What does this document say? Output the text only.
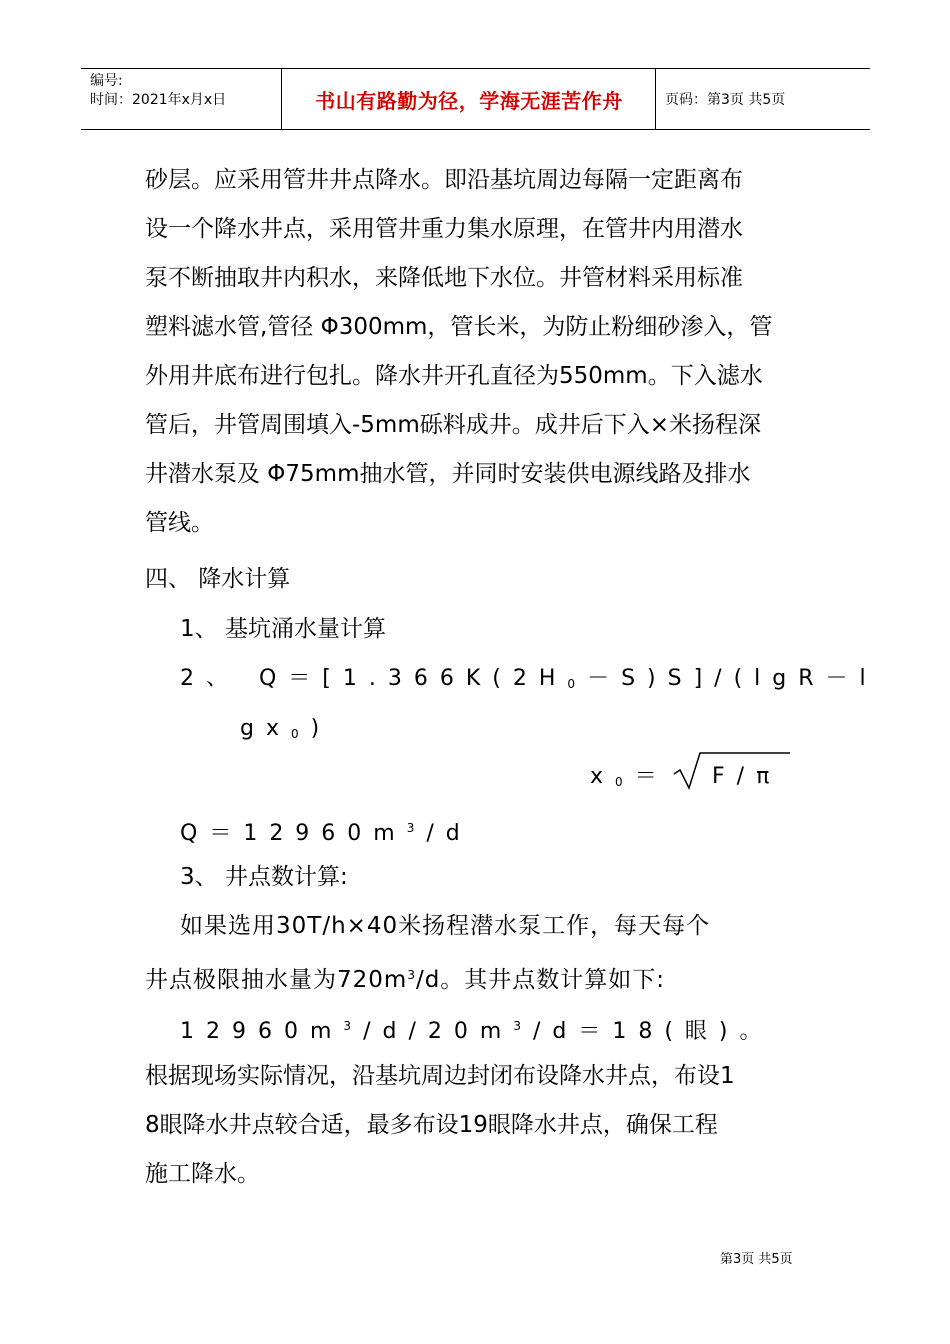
编号:
时间：2021年x月x日	书山有路勤为径，学海无涯苦作舟	页码：第3页 共5页
砂层。应采用管井井点降水。即沿基坑周边每隔一定距离布
设一个降水井点，采用管井重力集水原理，在管井内用潜水
泵不断抽取井内积水，来降低地下水位。井管材料采用标准
塑料滤水管,管径 Φ300mm，管长米，为防止粉细砂渗入，管
外用井底布进行包扎。降水井开孔直径为550mm。下入滤水
管后，井管周围填入-5mm砾料成井。成井后下入×米扬程深
井潜水泵及 Φ75mm抽水管，并同时安装供电源线路及排水
管线。
四、 降水计算
1、 基坑涌水量计算
2、 $Q=[1.366K(2H_0-S)S]/(\lg R-l$
$gx_0$)
$x_0= F/\pi$
$Q=12960m^3/d$
3、 井点数计算:
如果选用30T/h×40米扬程潜水泵工作，每天每个
井点极限抽水量为$720m^3/d$。其井点数计算如下:
$12960m^3/d/20m^3/d=18$(眼)。
根据现场实际情况，沿基坑周边封闭布设降水井点，布设1
8眼降水井点较合适，最多布设19眼降水井点，确保工程
施工降水。
第3页 共5页
